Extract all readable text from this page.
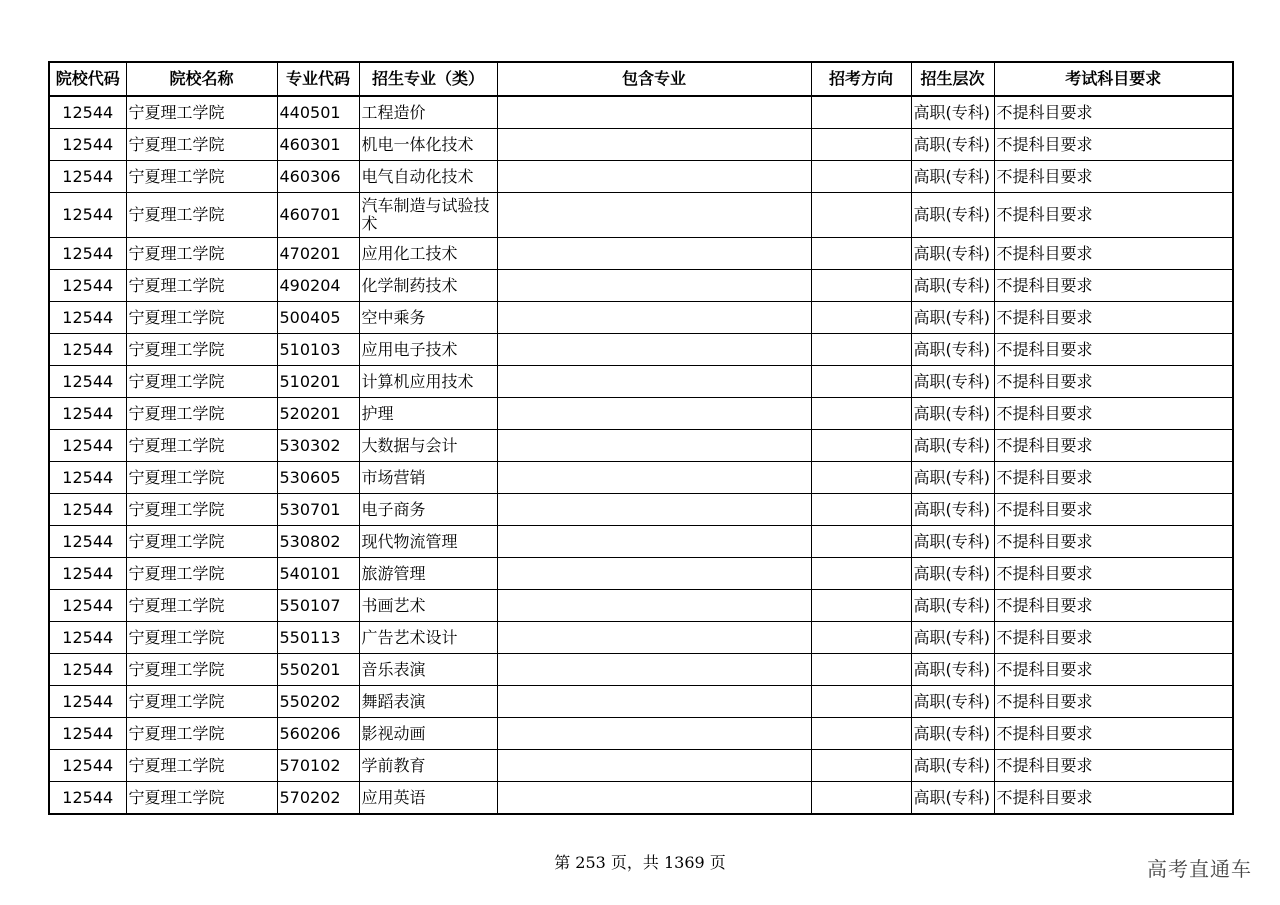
院校代码	院校名称	专业代码	招生专业（类）	包含专业	招考方向	招生层次	考试科目要求
12544	宁夏理工学院	440501	工程造价			高职(专科)	不提科目要求
12544	宁夏理工学院	460301	机电一体化技术			高职(专科)	不提科目要求
12544	宁夏理工学院	460306	电气自动化技术			高职(专科)	不提科目要求
12544	宁夏理工学院	460701	汽车制造与试验技术			高职(专科)	不提科目要求
12544	宁夏理工学院	470201	应用化工技术			高职(专科)	不提科目要求
12544	宁夏理工学院	490204	化学制药技术			高职(专科)	不提科目要求
12544	宁夏理工学院	500405	空中乘务			高职(专科)	不提科目要求
12544	宁夏理工学院	510103	应用电子技术			高职(专科)	不提科目要求
12544	宁夏理工学院	510201	计算机应用技术			高职(专科)	不提科目要求
12544	宁夏理工学院	520201	护理			高职(专科)	不提科目要求
12544	宁夏理工学院	530302	大数据与会计			高职(专科)	不提科目要求
12544	宁夏理工学院	530605	市场营销			高职(专科)	不提科目要求
12544	宁夏理工学院	530701	电子商务			高职(专科)	不提科目要求
12544	宁夏理工学院	530802	现代物流管理			高职(专科)	不提科目要求
12544	宁夏理工学院	540101	旅游管理			高职(专科)	不提科目要求
12544	宁夏理工学院	550107	书画艺术			高职(专科)	不提科目要求
12544	宁夏理工学院	550113	广告艺术设计			高职(专科)	不提科目要求
12544	宁夏理工学院	550201	音乐表演			高职(专科)	不提科目要求
12544	宁夏理工学院	550202	舞蹈表演			高职(专科)	不提科目要求
12544	宁夏理工学院	560206	影视动画			高职(专科)	不提科目要求
12544	宁夏理工学院	570102	学前教育			高职(专科)	不提科目要求
12544	宁夏理工学院	570202	应用英语			高职(专科)	不提科目要求
第 253 页，共 1369 页	高考直通车
